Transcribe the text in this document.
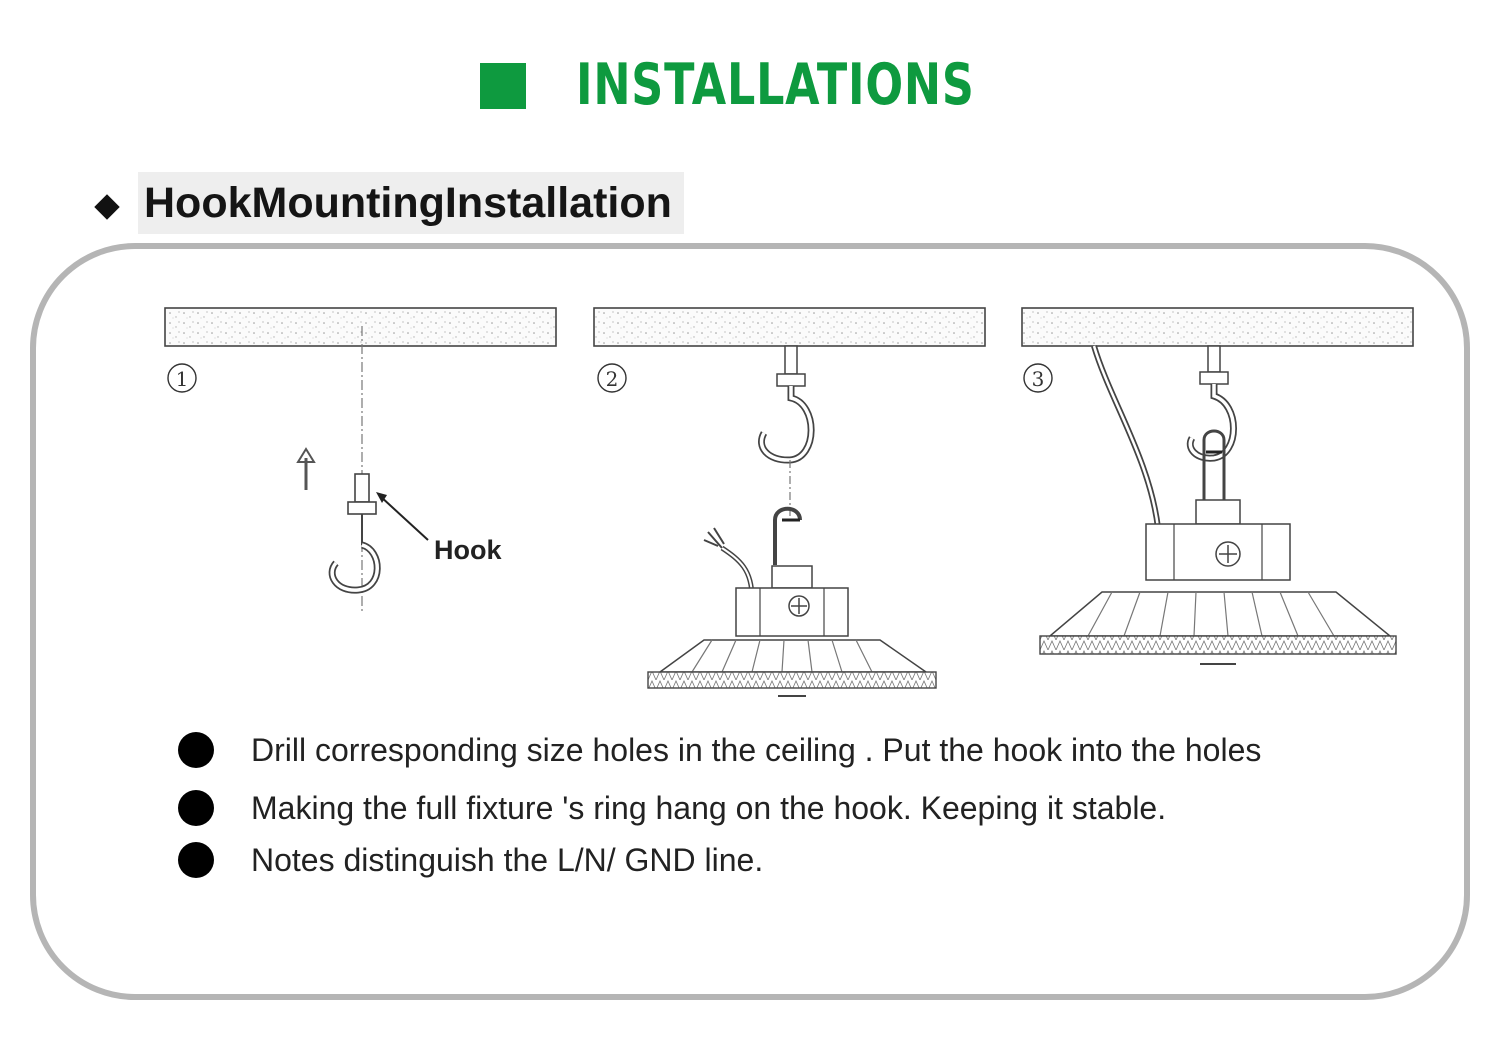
INSTALLATIONS
HookMountingInstallation
1
Hook
2	3
Drill corresponding size holes in the ceiling . Put the hook into the holes
Making the full fixture 's ring hang on the hook. Keeping it stable.
Notes distinguish the L/N/ GND line.
